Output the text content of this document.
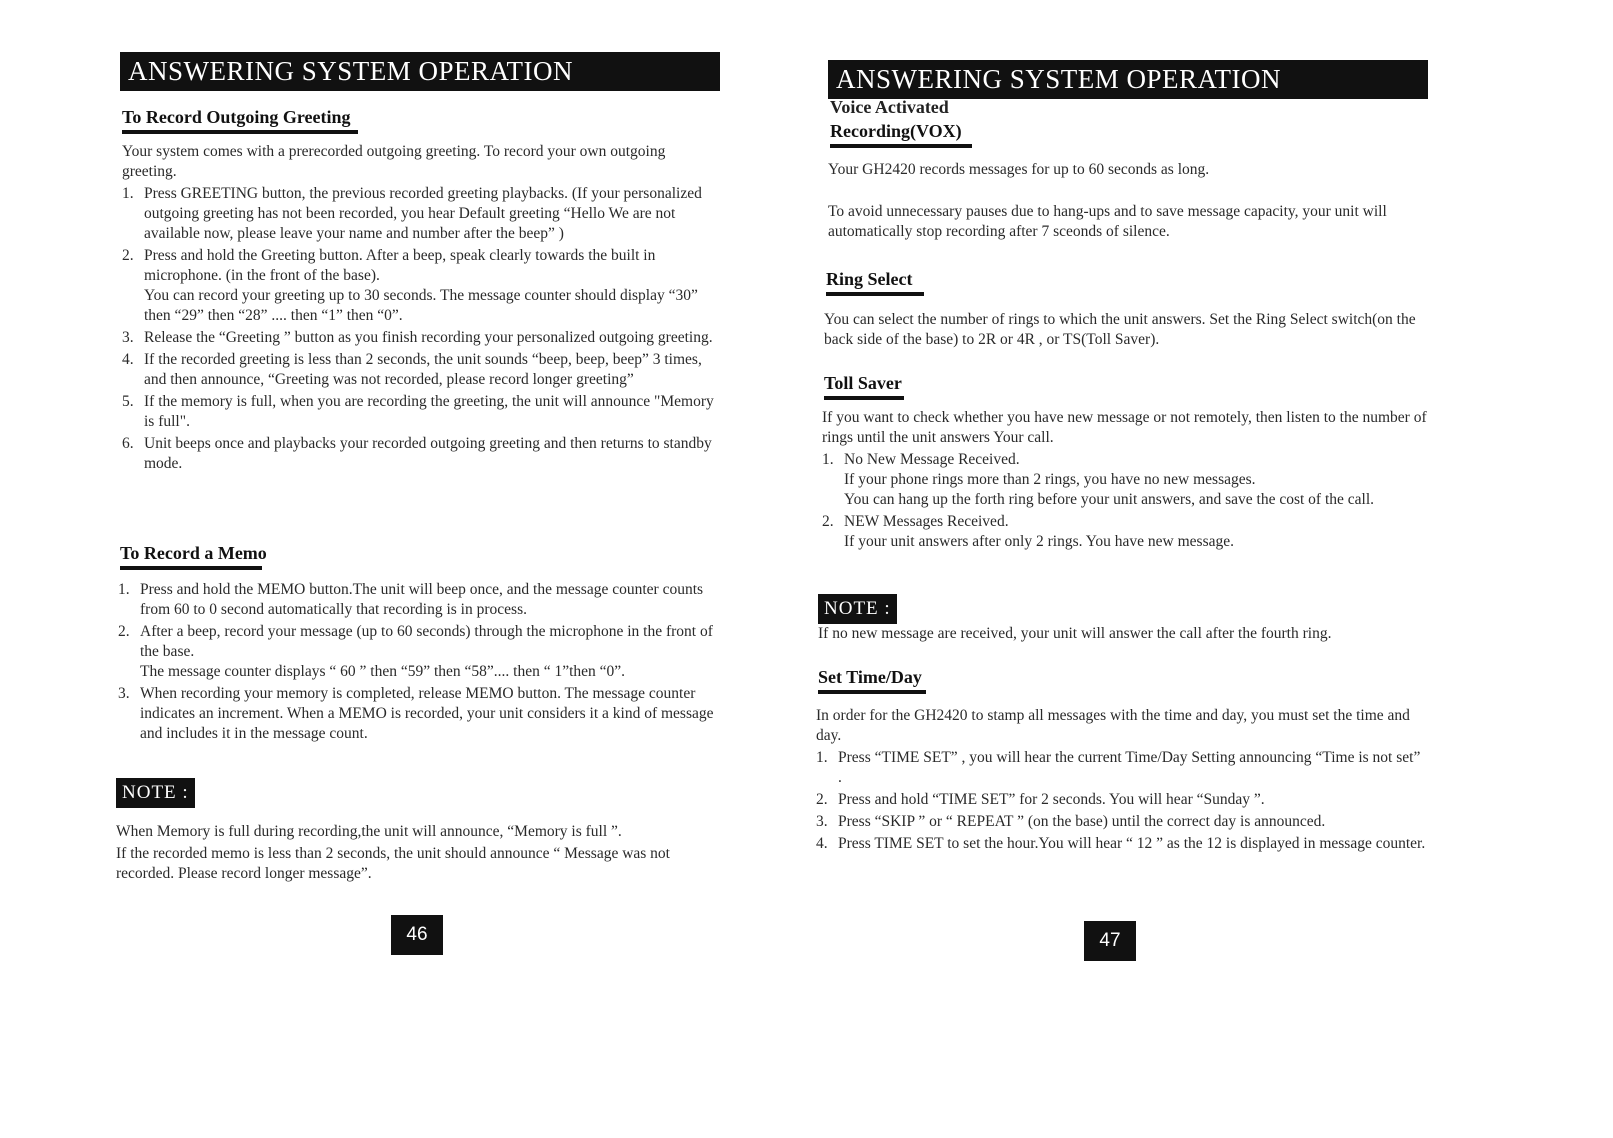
ANSWERING SYSTEM OPERATION
To Record Outgoing Greeting

Your system comes with a prerecorded outgoing greeting. To record your own outgoing greeting.

1. Press GREETING button, the previous recorded greeting playbacks. (If your personalized outgoing greeting has not been recorded, you hear Default greeting “Hello We are not available now, please leave your name and number after the beep” )
2. Press and hold the Greeting button. After a beep, speak clearly towards the built in microphone. (in the front of the base).
You can record your greeting up to 30 seconds. The message counter should display “30” then “29” then “28” .... then “1” then “0”.
3. Release the “Greeting ” button as you finish recording your personalized outgoing greeting.
4. If the recorded greeting is less than 2 seconds, the unit sounds “beep, beep, beep” 3 times, and then announce, “Greeting was not recorded, please record longer greeting”
5. If the memory is full, when you are recording the greeting, the unit will announce "Memory is full".
6. Unit beeps once and playbacks your recorded outgoing greeting and then returns to standby mode.
To Record a Memo
1. Press and hold the MEMO button.The unit will beep once, and the message counter counts from 60 to 0 second automatically that recording is in process.
2. After a beep, record your message (up to 60 seconds) through the microphone in the front of the base.
The message counter displays “ 60 ” then “59” then “58”.... then “ 1”then “0”.
3. When recording your memory is completed, release MEMO button. The message counter indicates an increment. When a MEMO is recorded, your unit considers it a kind of message and includes it in the message count.
NOTE :

When Memory is full during recording,the unit will announce, “Memory is full ”.

If the recorded memo is less than 2 seconds, the unit should announce “ Message was not recorded. Please record longer message”.

46
ANSWERING SYSTEM OPERATION
Voice Activated
Recording(VOX)

Your GH2420 records messages for up to 60 seconds as long.

To avoid unnecessary pauses due to hang-ups and to save message capacity, your unit will automatically stop recording after 7 sceonds of silence.

Ring Select

You can select the number of rings to which the unit answers. Set the Ring Select switch(on the back side of the base) to 2R or 4R , or TS(Toll Saver).

Toll Saver

If you want to check whether you have new message or not remotely, then listen to the number of rings until the unit answers Your call.

1. No New Message Received.
If your phone rings more than 2 rings, you have no new messages.
You can hang up the forth ring before your unit answers, and save the cost of the call.
2. NEW Messages Received.
If your unit answers after only 2 rings. You have new message.
NOTE :
If no new message are received, your unit will answer the call after the fourth ring.
Set Time/Day

In order for the GH2420 to stamp all messages with the time and day, you must set the time and day.

1. Press “TIME SET” , you will hear the current Time/Day Setting announcing “Time is not set” .
2. Press and hold “TIME SET” for 2 seconds. You will hear “Sunday ”.
3. Press “SKIP ” or “ REPEAT ” (on the base) until the correct day is announced.
4. Press TIME SET to set the hour.You will hear “ 12 ” as the 12 is displayed in message counter.
47
